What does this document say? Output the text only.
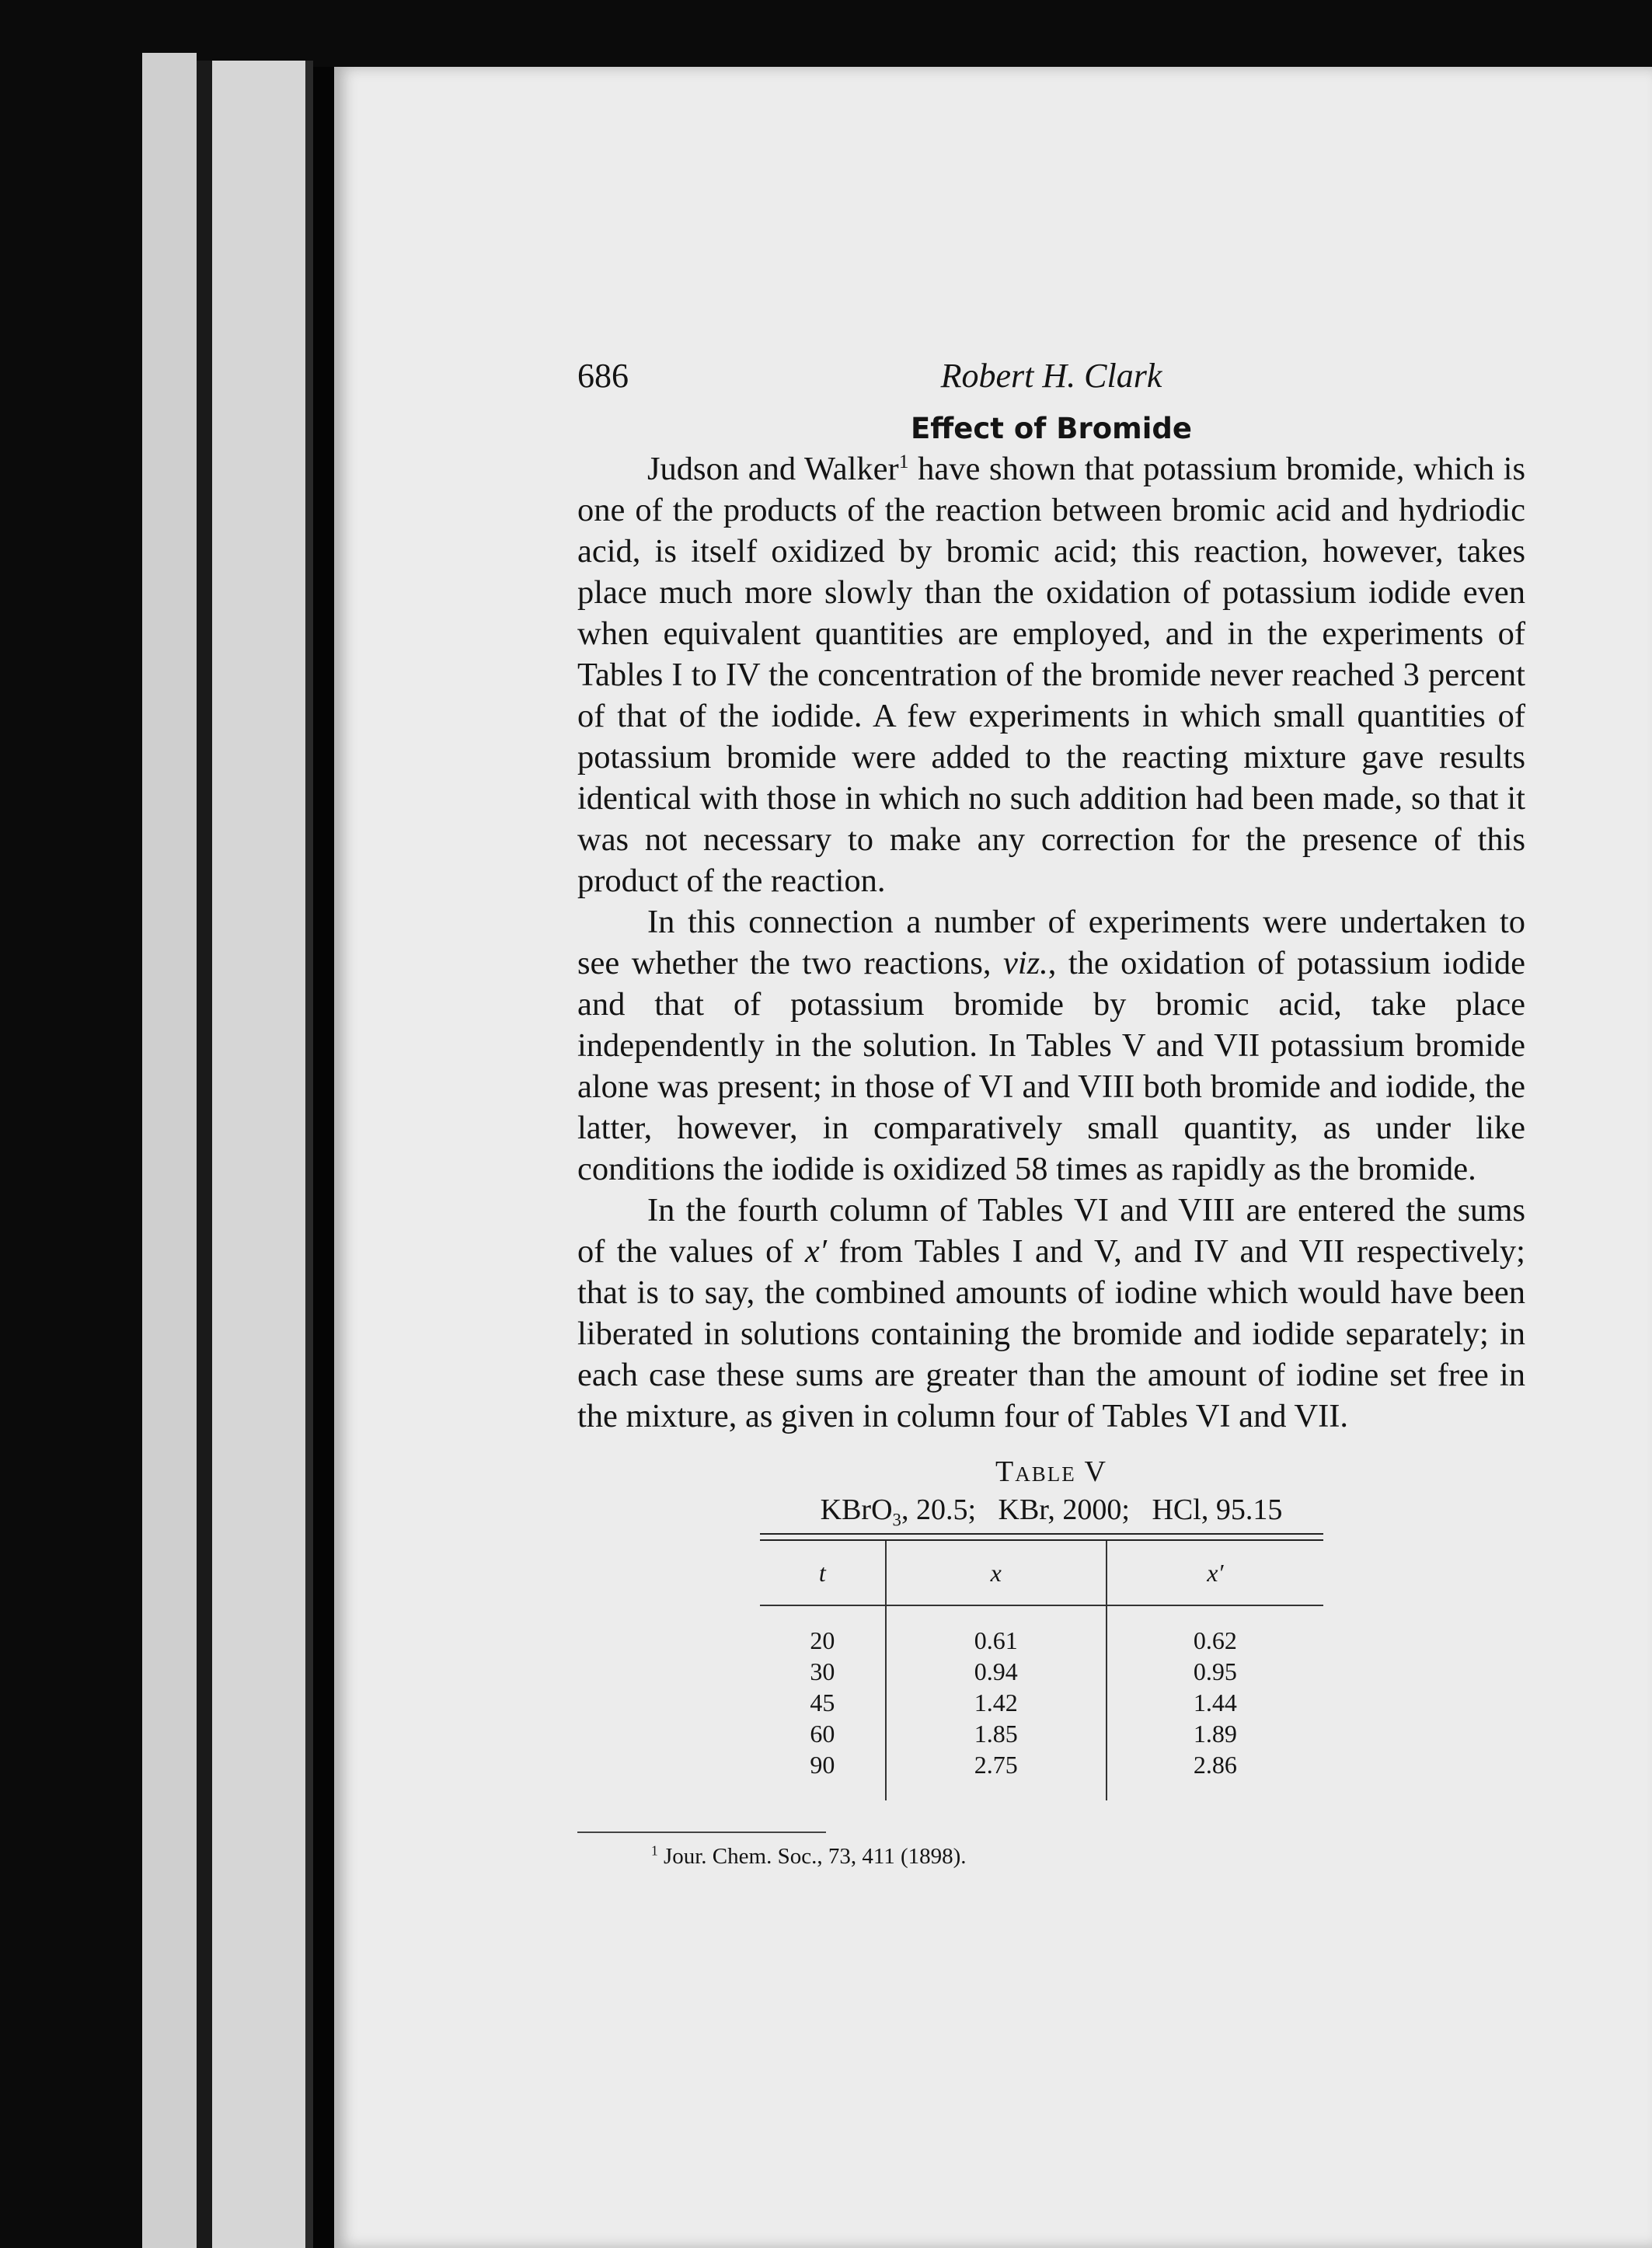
686	Robert H. Clark
Effect of Bromide

Judson and Walker$^1$ have shown that potassium bromide, which is one of the products of the reaction between bromic acid and hydriodic acid, is itself oxidized by bromic acid; this reaction, however, takes place much more slowly than the oxidation of potassium iodide even when equivalent quantities are employed, and in the experiments of Tables I to IV the concentration of the bromide never reached 3 percent of that of the iodide. A few experiments in which small quantities of potassium bromide were added to the reacting mixture gave results identical with those in which no such addition had been made, so that it was not necessary to make any correction for the presence of this product of the reaction.

In this connection a number of experiments were undertaken to see whether the two reactions, viz., the oxidation of potassium iodide and that of potassium bromide by bromic acid, take place independently in the solution. In Tables V and VII potassium bromide alone was present; in those of VI and VIII both bromide and iodide, the latter, however, in comparatively small quantity, as under like conditions the iodide is oxidized 58 times as rapidly as the bromide.

In the fourth column of Tables VI and VIII are entered the sums of the values of x′ from Tables I and V, and IV and VII respectively; that is to say, the combined amounts of iodine which would have been liberated in solutions containing the bromide and iodide separately; in each case these sums are greater than the amount of iodine set free in the mixture, as given in column four of Tables VI and VII.

Table V
KBrO$_3$, 20.5; KBr, 2000; HCl, 95.15
t	x	x′
20	0.61	0.62
30	0.94	0.95
45	1.42	1.44
60	1.85	1.89
90	2.75	2.86
$^1$ Jour. Chem. Soc., 73, 411 (1898).
